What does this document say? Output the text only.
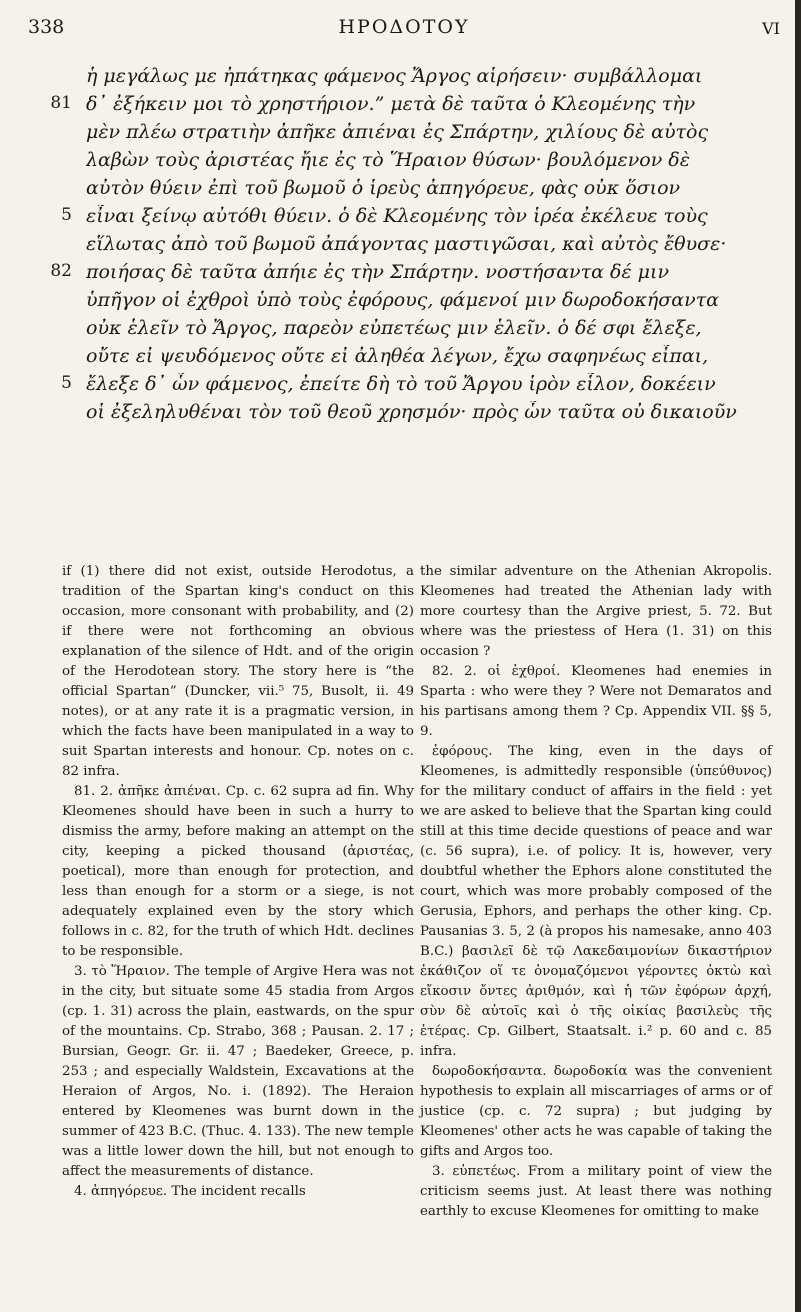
338	ΗΡΟΔΟΤΟΥ	VI
ἡ μεγάλως με ἠπάτηκας φάμενος Ἄργος αἱρήσειν· συμβάλλομαι
81 δ᾽ ἐξήκειν μοι τὸ χρηστήριον.” μετὰ δὲ ταῦτα ὁ Κλεομένης τὴν
μὲν πλέω στρατιὴν ἀπῆκε ἀπιέναι ἐς Σπάρτην, χιλίους δὲ αὐτὸς
λαβὼν τοὺς ἀριστέας ἤιε ἐς τὸ Ἥραιον θύσων· βουλόμενον δὲ
αὐτὸν θύειν ἐπὶ τοῦ βωμοῦ ὁ ἱρεὺς ἀπηγόρευε, φὰς οὐκ ὅσιον
5 εἶναι ξείνῳ αὐτόθι θύειν. ὁ δὲ Κλεομένης τὸν ἱρέα ἐκέλευε τοὺς
εἵλωτας ἀπὸ τοῦ βωμοῦ ἀπάγοντας μαστιγῶσαι, καὶ αὐτὸς ἔθυσε·
82 ποιήσας δὲ ταῦτα ἀπήιε ἐς τὴν Σπάρτην. νοστήσαντα δέ μιν
ὑπῆγον οἱ ἐχθροὶ ὑπὸ τοὺς ἐφόρους, φάμενοί μιν δωροδοκήσαντα
οὐκ ἑλεῖν τὸ Ἄργος, παρεὸν εὐπετέως μιν ἑλεῖν. ὁ δέ σφι ἔλεξε,
οὔτε εἰ ψευδόμενος οὔτε εἰ ἀληθέα λέγων, ἔχω σαφηνέως εἶπαι,
5 ἔλεξε δ᾽ ὧν φάμενος, ἐπείτε δὴ τὸ τοῦ Ἄργου ἱρὸν εἷλον, δοκέειν
οἱ ἐξεληλυθέναι τὸν τοῦ θεοῦ χρησμόν· πρὸς ὧν ταῦτα οὐ δικαιοῦν

if (1) there did not exist, outside Herodotus, a tradition of the Spartan king's conduct on this occasion, more consonant with probability, and (2) if there were not forthcoming an obvious explanation of the silence of Hdt. and of the origin of the Herodotean story. The story here is “the official Spartan” (Duncker, vii.⁵ 75, Busolt, ii. 49 notes), or at any rate it is a pragmatic version, in which the facts have been manipulated in a way to suit Spartan interests and honour. Cp. notes on c. 82 infra.

81. 2. ἀπῆκε ἀπιέναι. Cp. c. 62 supra ad fin. Why Kleomenes should have been in such a hurry to dismiss the army, before making an attempt on the city, keeping a picked thousand (ἀριστέας, poetical), more than enough for protection, and less than enough for a storm or a siege, is not adequately explained even by the story which follows in c. 82, for the truth of which Hdt. declines to be responsible.

3. τὸ Ἥραιον. The temple of Argive Hera was not in the city, but situate some 45 stadia from Argos (cp. 1. 31) across the plain, eastwards, on the spur of the mountains. Cp. Strabo, 368 ; Pausan. 2. 17 ; Bursian, Geogr. Gr. ii. 47 ; Baedeker, Greece, p. 253 ; and especially Waldstein, Excavations at the Heraion of Argos, No. i. (1892). The Heraion entered by Kleomenes was burnt down in the summer of 423 B.C. (Thuc. 4. 133). The new temple was a little lower down the hill, but not enough to affect the measurements of distance.

4. ἀπηγόρευε. The incident recalls

the similar adventure on the Athenian Akropolis. Kleomenes had treated the Athenian lady with more courtesy than the Argive priest, 5. 72. But where was the priestess of Hera (1. 31) on this occasion ?

82. 2. οἱ ἐχθροί. Kleomenes had enemies in Sparta : who were they ? Were not Demaratos and his partisans among them ? Cp. Appendix VII. §§ 5, 9.

ἐφόρους. The king, even in the days of Kleomenes, is admittedly responsible (ὑπεύθυνος) for the military conduct of affairs in the field : yet we are asked to believe that the Spartan king could still at this time decide questions of peace and war (c. 56 supra), i.e. of policy. It is, however, very doubtful whether the Ephors alone constituted the court, which was more probably composed of the Gerusia, Ephors, and perhaps the other king. Cp. Pausanias 3. 5, 2 (à propos his namesake, anno 403 B.C.) βασιλεῖ δὲ τῷ Λακεδαιμονίων δικαστήριον ἐκάθιζον οἵ τε ὀνομαζόμενοι γέροντες ὀκτὼ καὶ εἴκοσιν ὄντες ἀριθμόν, καὶ ἡ τῶν ἐφόρων ἀρχή, σὺν δὲ αὐτοῖς καὶ ὁ τῆς οἰκίας βασιλεὺς τῆς ἑτέρας. Cp. Gilbert, Staatsalt. i.² p. 60 and c. 85 infra.

δωροδοκήσαντα. δωροδοκία was the convenient hypothesis to explain all miscarriages of arms or of justice (cp. c. 72 supra) ; but judging by Kleomenes' other acts he was capable of taking the gifts and Argos too.

3. εὐπετέως. From a military point of view the criticism seems just. At least there was nothing earthly to excuse Kleomenes for omitting to make
